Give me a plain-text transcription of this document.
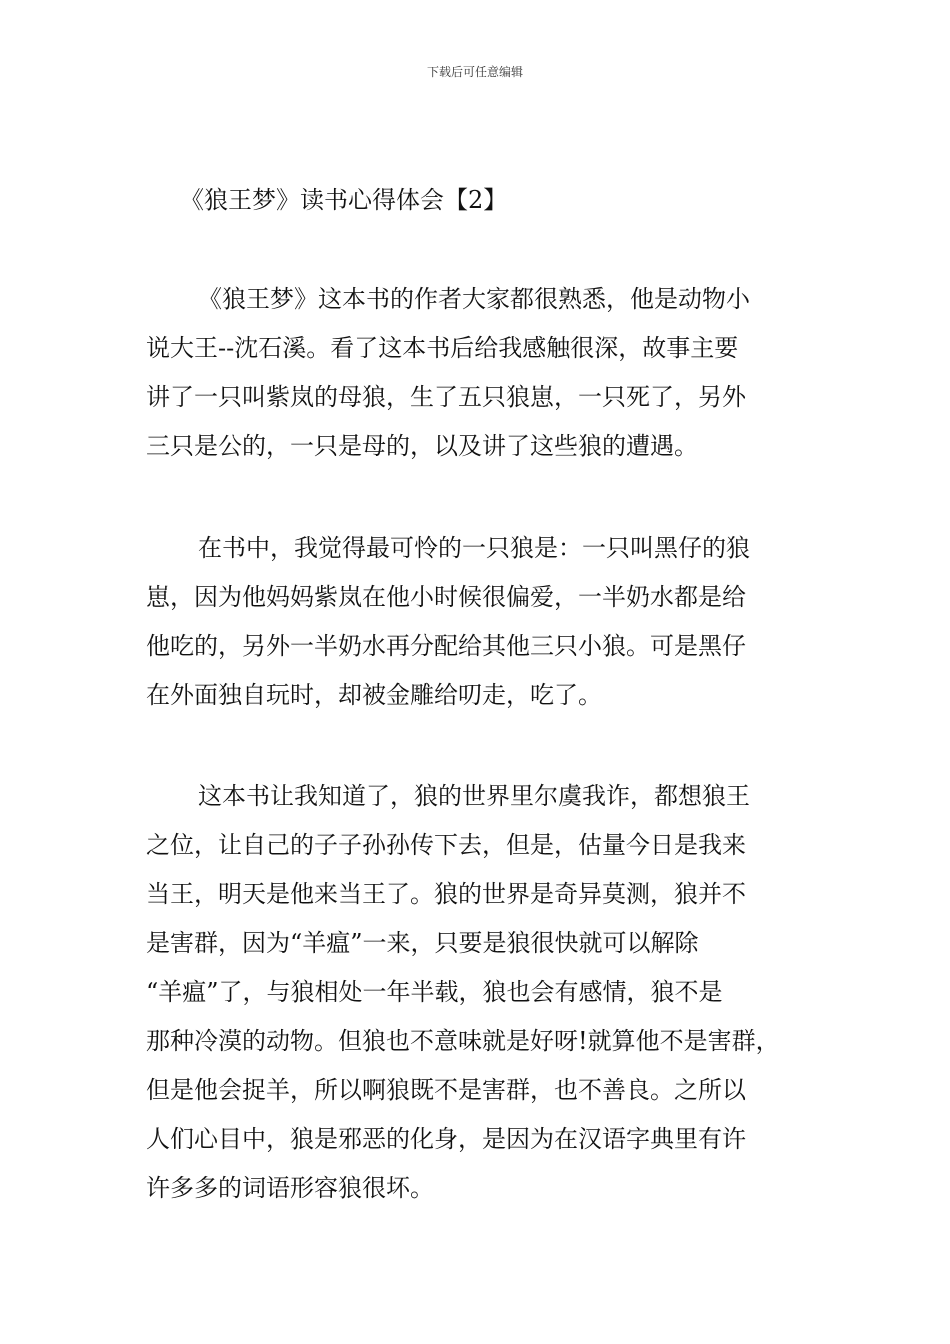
下载后可任意编辑
《狼王梦》读书心得体会【2】
《狼王梦》这本书的作者大家都很熟悉，他是动物小
说大王--沈石溪。看了这本书后给我感触很深，故事主要
讲了一只叫紫岚的母狼，生了五只狼崽，一只死了，另外
三只是公的，一只是母的，以及讲了这些狼的遭遇。
在书中，我觉得最可怜的一只狼是：一只叫黑仔的狼
崽，因为他妈妈紫岚在他小时候很偏爱，一半奶水都是给
他吃的，另外一半奶水再分配给其他三只小狼。可是黑仔
在外面独自玩时，却被金雕给叨走，吃了。
这本书让我知道了，狼的世界里尔虞我诈，都想狼王
之位，让自己的子子孙孙传下去，但是，估量今日是我来
当王，明天是他来当王了。狼的世界是奇异莫测，狼并不
是害群，因为“羊瘟”一来，只要是狼很快就可以解除
“羊瘟”了，与狼相处一年半载，狼也会有感情，狼不是
那种冷漠的动物。但狼也不意味就是好呀!就算他不是害群，
但是他会捉羊，所以啊狼既不是害群，也不善良。之所以
人们心目中，狼是邪恶的化身，是因为在汉语字典里有许
许多多的词语形容狼很坏。
